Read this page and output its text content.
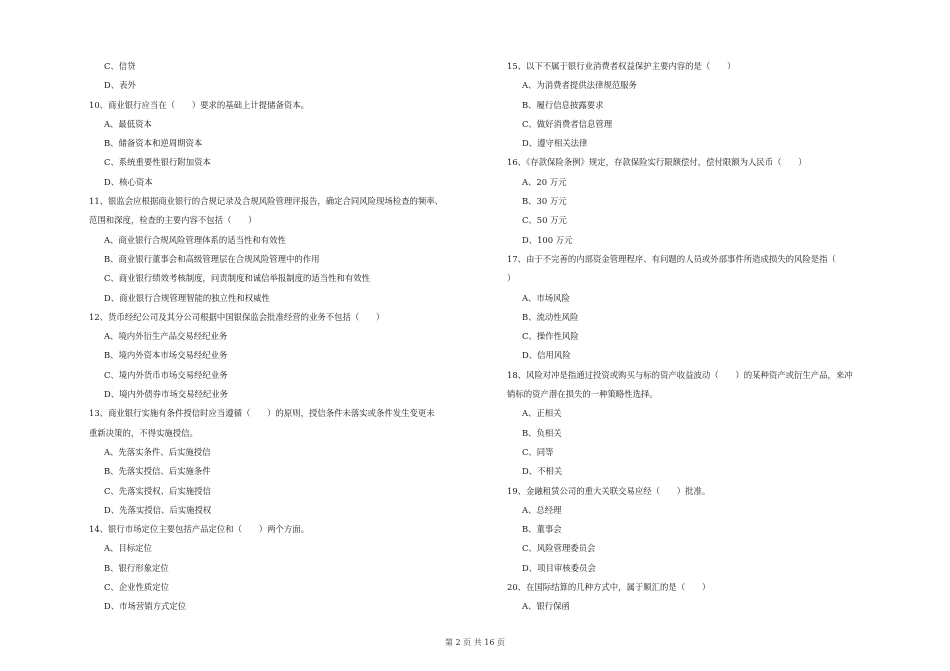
C、信贷
D、表外
10、商业银行应当在（　　）要求的基础上计提储备资本。
A、最低资本
B、储备资本和逆周期资本
C、系统重要性银行附加资本
D、核心资本
11、银监会应根据商业银行的合规记录及合规风险管理评报告，确定合同风险现场检查的频率、
范围和深度，检查的主要内容不包括（　　）
A、商业银行合规风险管理体系的适当性和有效性
B、商业银行董事会和高级管理层在合规风险管理中的作用
C、商业银行绩效考核制度，问责制度和诚信举报制度的适当性和有效性
D、商业银行合规管理智能的独立性和权威性
12、货币经纪公司及其分公司根据中国银保监会批准经营的业务不包括（　　）
A、境内外衍生产品交易经纪业务
B、境内外资本市场交易经纪业务
C、境内外货币市场交易经纪业务
D、境内外债券市场交易经纪业务
13、商业银行实施有条件授信时应当遵循（　　）的原则，授信条件未落实或条件发生变更未
重新决策的，不得实施授信。
A、先落实条件、后实施授信
B、先落实授信、后实施条件
C、先落实授权、后实施授信
D、先落实授信、后实施授权
14、银行市场定位主要包括产品定位和（　　）两个方面。
A、目标定位
B、银行形象定位
C、企业性质定位
D、市场营销方式定位
15、以下不属于银行业消费者权益保护主要内容的是（　　）
A、为消费者提供法律规范服务
B、履行信息披露要求
C、做好消费者信息管理
D、遵守相关法律
16、《存款保险条例》规定，存款保险实行限额偿付，偿付限额为人民币（　　）
A、20 万元
B、30 万元
C、50 万元
D、100 万元
17、由于不完善的内部资金管理程序、有问题的人员或外部事件所造成损失的风险是指（
）
A、市场风险
B、流动性风险
C、操作性风险
D、信用风险
18、风险对冲是指通过投资或购买与标的资产收益波动（　　）的某种资产或衍生产品，来冲
销标的资产潜在损失的一种策略性选择。
A、正相关
B、负相关
C、同等
D、不相关
19、金融租赁公司的重大关联交易应经（　　）批准。
A、总经理
B、董事会
C、风险管理委员会
D、项目审核委员会
20、在国际结算的几种方式中，属于顺汇的是（　　）
A、银行保函
第 2 页 共 16 页
